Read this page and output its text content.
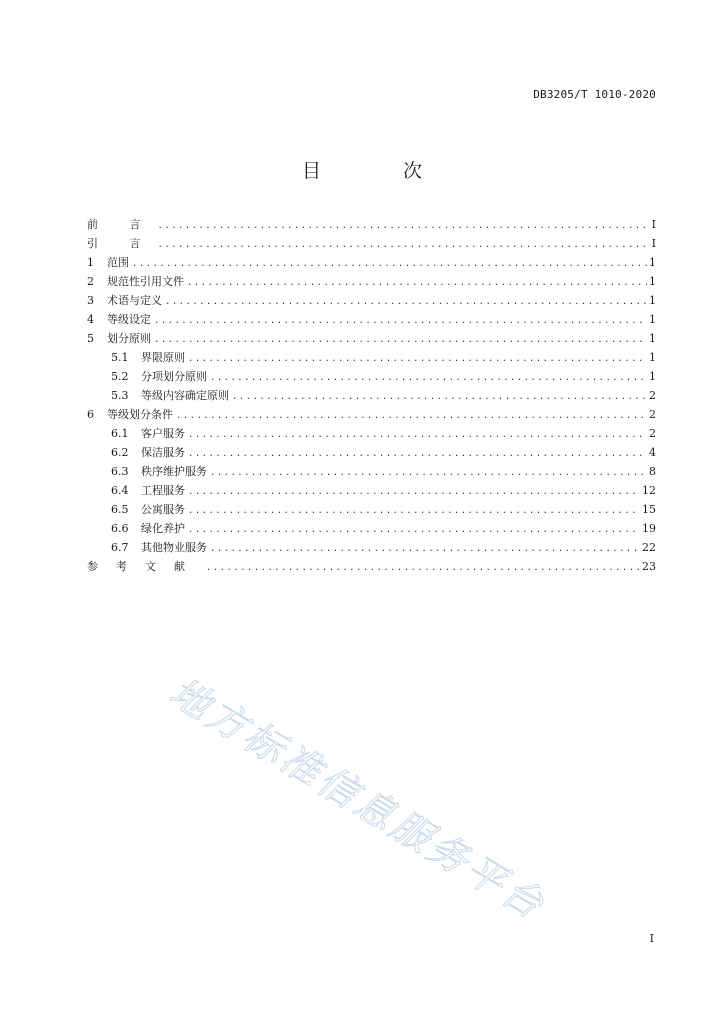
DB3205/T 1010-2020
目 次
前 言 .....	I
引 言 .....	I
1	范围 .....	1
2	规范性引用文件 .....	1
3	术语与定义 .....	1
4	等级设定 .....	1
5	划分原则 .....	1
5.1	界限原则 .....	1
5.2	分项划分原则 .....	1
5.3	等级内容确定原则 .....	2
6	等级划分条件 .....	2
6.1	客户服务 .....	2
6.2	保洁服务 .....	4
6.3	秩序维护服务 .....	8
6.4	工程服务 .....	12
6.5	公寓服务 .....	15
6.6	绿化养护 .....	19
6.7	其他物业服务 .....	22
参考文献 .....	23
地方标准信息服务平台
I
